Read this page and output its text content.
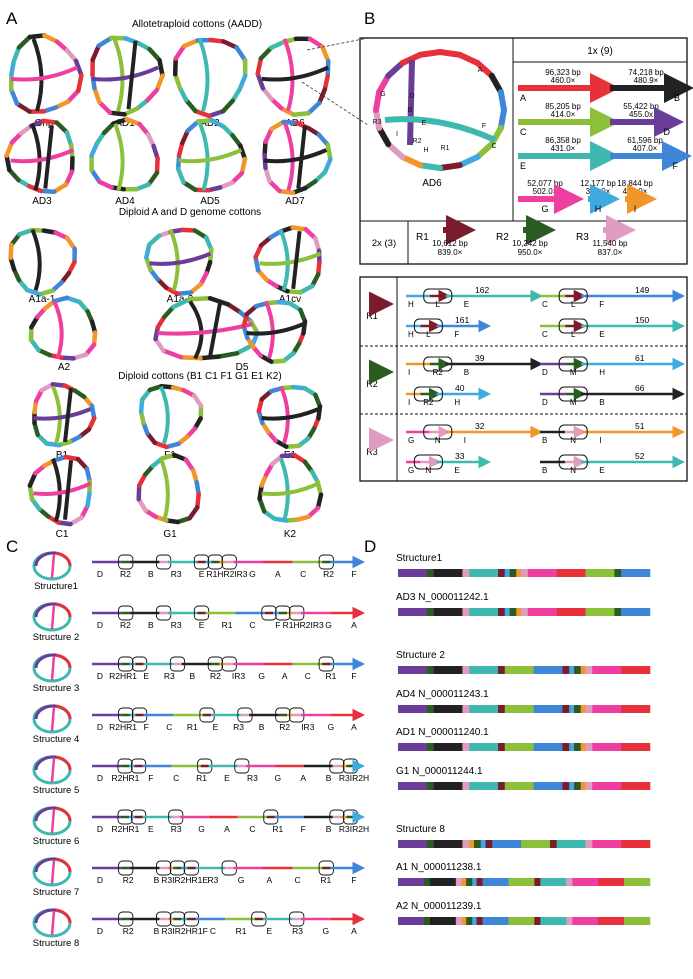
A	Allotetraploid cottons (AADD)
Diploid A and D genome cottons
Diploid cottons (B1 C1 F1 G1 E1 K2)
Ghp	AD1	AD2	AD6
AD3	AD4	AD5	AD7
A1a-1	A1a-2	A1cv
A2	D5
B1	F1	E1
C1	G1	K2
B
1x (9)
2x (3)
A
B
C
D
E	F
G
H
I
R1
R2
R3
AD6
96,323 bp
460.0×
A
74,218 bp
480.9×
B
85,205 bp
414.0×
C
55,422 bp
455.0x
D
86,358 bp
431.0×
E
61,596 bp
407.0×
F
52,077 bp
502.0×
G
12,177 bp
342.0×
H
18,844 bp
475.0×
I
R1
10,612 bp
839.0×
R2
10,242 bp
950.0×
R3
11,540 bp
837.0×
R1
H	L	E
162
H L	F
161
C	L	F
149
C	L	E
150
R2
I	R2	B
39
I R2	H
40
D	M	H
61
D	M	B
66
R3
G	N	I
32
G N	E
33
B	N	I
51
B	N	E
52
C
Structure1
D R2 B R3 E R1HR2IR3 G A C R2 F
Structure 2
D R2 B R3 E R1 C F R1HR2IR3 G A
Structure 3
D R2HR1 E R3 B R2 IR3 G A C R1 F
Structure 4
D R2HR1 F C R1 E R3 B R2 IR3 G A
Structure 5
D R2HR1 F C R1 E R3 G A B R3IR2H
Structure 6
D R2HR1 E R3 G A C R1 F B R3IR2H
Structure 7
D R2 B R3IR2HR1E R3 G	A	C R1 F
Structure 8
D R2 B R3IR2HR1F C R1 E R3 G	A
D
Structure1
AD3 N_000011242.1
Structure 2
AD4 N_000011243.1
AD1 N_000011240.1
G1 N_000011244.1
Structure 8
A1 N_000011238.1
A2 N_000011239.1
